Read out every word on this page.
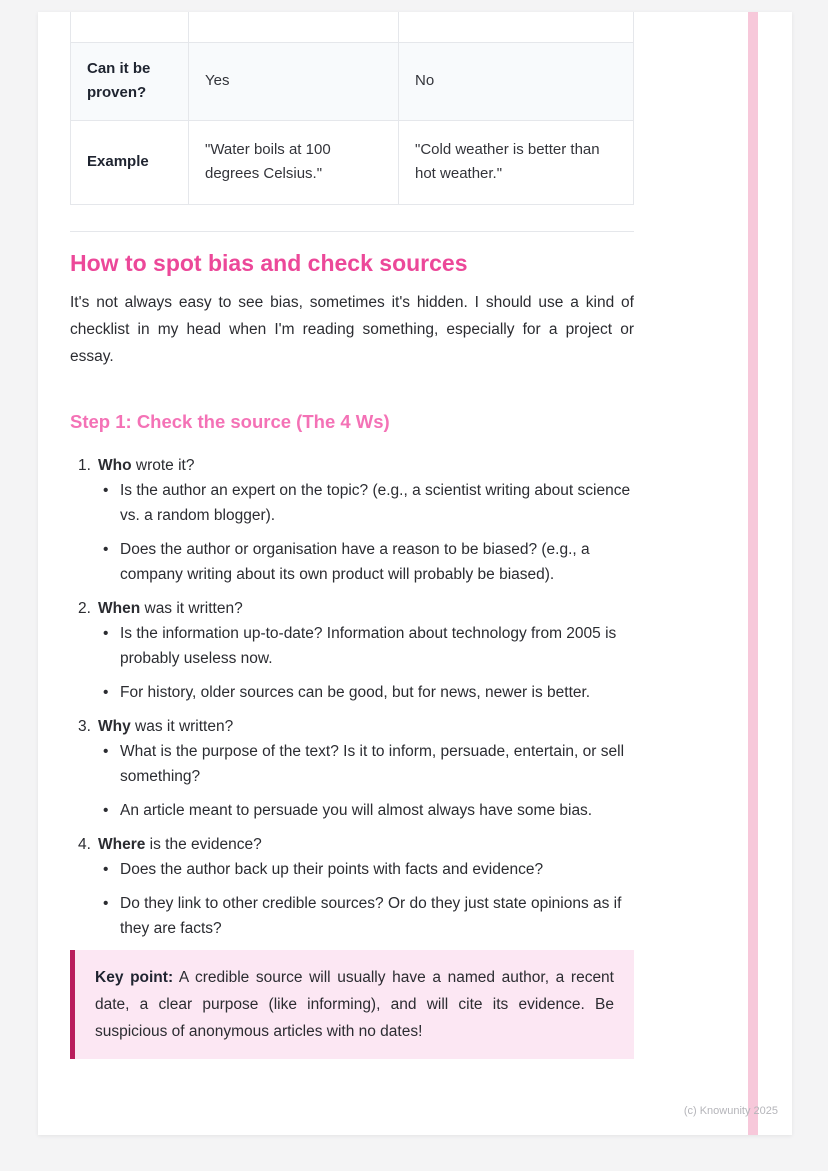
Can it be proven?	Yes	No
Example	"Water boils at 100 degrees Celsius."	"Cold weather is better than hot weather."
How to spot bias and check sources

It's not always easy to see bias, sometimes it's hidden. I should use a kind of checklist in my head when I'm reading something, especially for a project or essay.

Step 1: Check the source (The 4 Ws)
1. Who wrote it?
• Is the author an expert on the topic? (e.g., a scientist writing about science vs. a random blogger).
• Does the author or organisation have a reason to be biased? (e.g., a company writing about its own product will probably be biased).
2. When was it written?
• Is the information up-to-date? Information about technology from 2005 is probably useless now.
• For history, older sources can be good, but for news, newer is better.
3. Why was it written?
• What is the purpose of the text? Is it to inform, persuade, entertain, or sell something?
• An article meant to persuade you will almost always have some bias.
4. Where is the evidence?
• Does the author back up their points with facts and evidence?
• Do they link to other credible sources? Or do they just state opinions as if they are facts?
Key point: A credible source will usually have a named author, a recent date, a clear purpose (like informing), and will cite its evidence. Be suspicious of anonymous articles with no dates!
(c) Knowunity 2025
